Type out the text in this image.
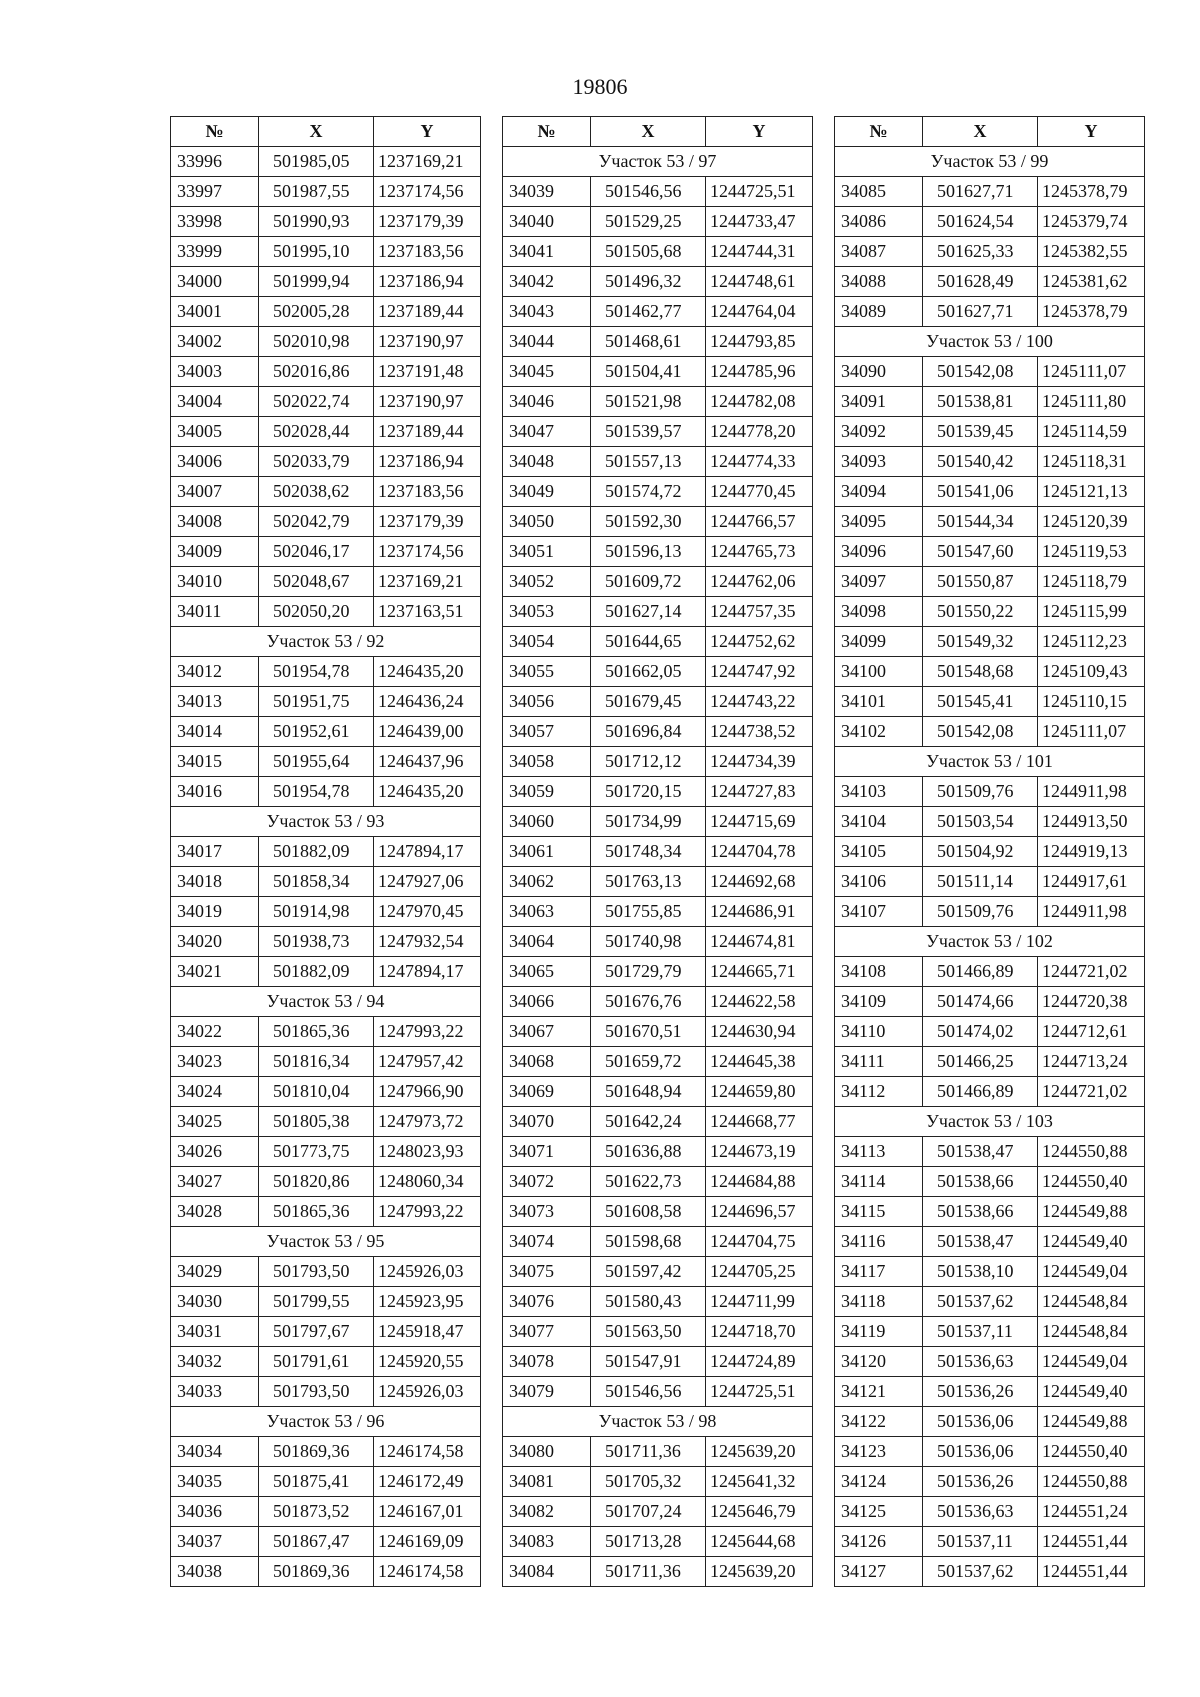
19806
№	X	Y
33996	501985,05	1237169,21
33997	501987,55	1237174,56
33998	501990,93	1237179,39
33999	501995,10	1237183,56
34000	501999,94	1237186,94
34001	502005,28	1237189,44
34002	502010,98	1237190,97
34003	502016,86	1237191,48
34004	502022,74	1237190,97
34005	502028,44	1237189,44
34006	502033,79	1237186,94
34007	502038,62	1237183,56
34008	502042,79	1237179,39
34009	502046,17	1237174,56
34010	502048,67	1237169,21
34011	502050,20	1237163,51
Участок 53 / 92		
34012	501954,78	1246435,20
34013	501951,75	1246436,24
34014	501952,61	1246439,00
34015	501955,64	1246437,96
34016	501954,78	1246435,20
Участок 53 / 93		
34017	501882,09	1247894,17
34018	501858,34	1247927,06
34019	501914,98	1247970,45
34020	501938,73	1247932,54
34021	501882,09	1247894,17
Участок 53 / 94		
34022	501865,36	1247993,22
34023	501816,34	1247957,42
34024	501810,04	1247966,90
34025	501805,38	1247973,72
34026	501773,75	1248023,93
34027	501820,86	1248060,34
34028	501865,36	1247993,22
Участок 53 / 95		
34029	501793,50	1245926,03
34030	501799,55	1245923,95
34031	501797,67	1245918,47
34032	501791,61	1245920,55
34033	501793,50	1245926,03
Участок 53 / 96		
34034	501869,36	1246174,58
34035	501875,41	1246172,49
34036	501873,52	1246167,01
34037	501867,47	1246169,09
34038	501869,36	1246174,58
№	X	Y
Участок 53 / 97		
34039	501546,56	1244725,51
34040	501529,25	1244733,47
34041	501505,68	1244744,31
34042	501496,32	1244748,61
34043	501462,77	1244764,04
34044	501468,61	1244793,85
34045	501504,41	1244785,96
34046	501521,98	1244782,08
34047	501539,57	1244778,20
34048	501557,13	1244774,33
34049	501574,72	1244770,45
34050	501592,30	1244766,57
34051	501596,13	1244765,73
34052	501609,72	1244762,06
34053	501627,14	1244757,35
34054	501644,65	1244752,62
34055	501662,05	1244747,92
34056	501679,45	1244743,22
34057	501696,84	1244738,52
34058	501712,12	1244734,39
34059	501720,15	1244727,83
34060	501734,99	1244715,69
34061	501748,34	1244704,78
34062	501763,13	1244692,68
34063	501755,85	1244686,91
34064	501740,98	1244674,81
34065	501729,79	1244665,71
34066	501676,76	1244622,58
34067	501670,51	1244630,94
34068	501659,72	1244645,38
34069	501648,94	1244659,80
34070	501642,24	1244668,77
34071	501636,88	1244673,19
34072	501622,73	1244684,88
34073	501608,58	1244696,57
34074	501598,68	1244704,75
34075	501597,42	1244705,25
34076	501580,43	1244711,99
34077	501563,50	1244718,70
34078	501547,91	1244724,89
34079	501546,56	1244725,51
Участок 53 / 98		
34080	501711,36	1245639,20
34081	501705,32	1245641,32
34082	501707,24	1245646,79
34083	501713,28	1245644,68
34084	501711,36	1245639,20
№	X	Y
Участок 53 / 99		
34085	501627,71	1245378,79
34086	501624,54	1245379,74
34087	501625,33	1245382,55
34088	501628,49	1245381,62
34089	501627,71	1245378,79
Участок 53 / 100		
34090	501542,08	1245111,07
34091	501538,81	1245111,80
34092	501539,45	1245114,59
34093	501540,42	1245118,31
34094	501541,06	1245121,13
34095	501544,34	1245120,39
34096	501547,60	1245119,53
34097	501550,87	1245118,79
34098	501550,22	1245115,99
34099	501549,32	1245112,23
34100	501548,68	1245109,43
34101	501545,41	1245110,15
34102	501542,08	1245111,07
Участок 53 / 101		
34103	501509,76	1244911,98
34104	501503,54	1244913,50
34105	501504,92	1244919,13
34106	501511,14	1244917,61
34107	501509,76	1244911,98
Участок 53 / 102		
34108	501466,89	1244721,02
34109	501474,66	1244720,38
34110	501474,02	1244712,61
34111	501466,25	1244713,24
34112	501466,89	1244721,02
Участок 53 / 103		
34113	501538,47	1244550,88
34114	501538,66	1244550,40
34115	501538,66	1244549,88
34116	501538,47	1244549,40
34117	501538,10	1244549,04
34118	501537,62	1244548,84
34119	501537,11	1244548,84
34120	501536,63	1244549,04
34121	501536,26	1244549,40
34122	501536,06	1244549,88
34123	501536,06	1244550,40
34124	501536,26	1244550,88
34125	501536,63	1244551,24
34126	501537,11	1244551,44
34127	501537,62	1244551,44
